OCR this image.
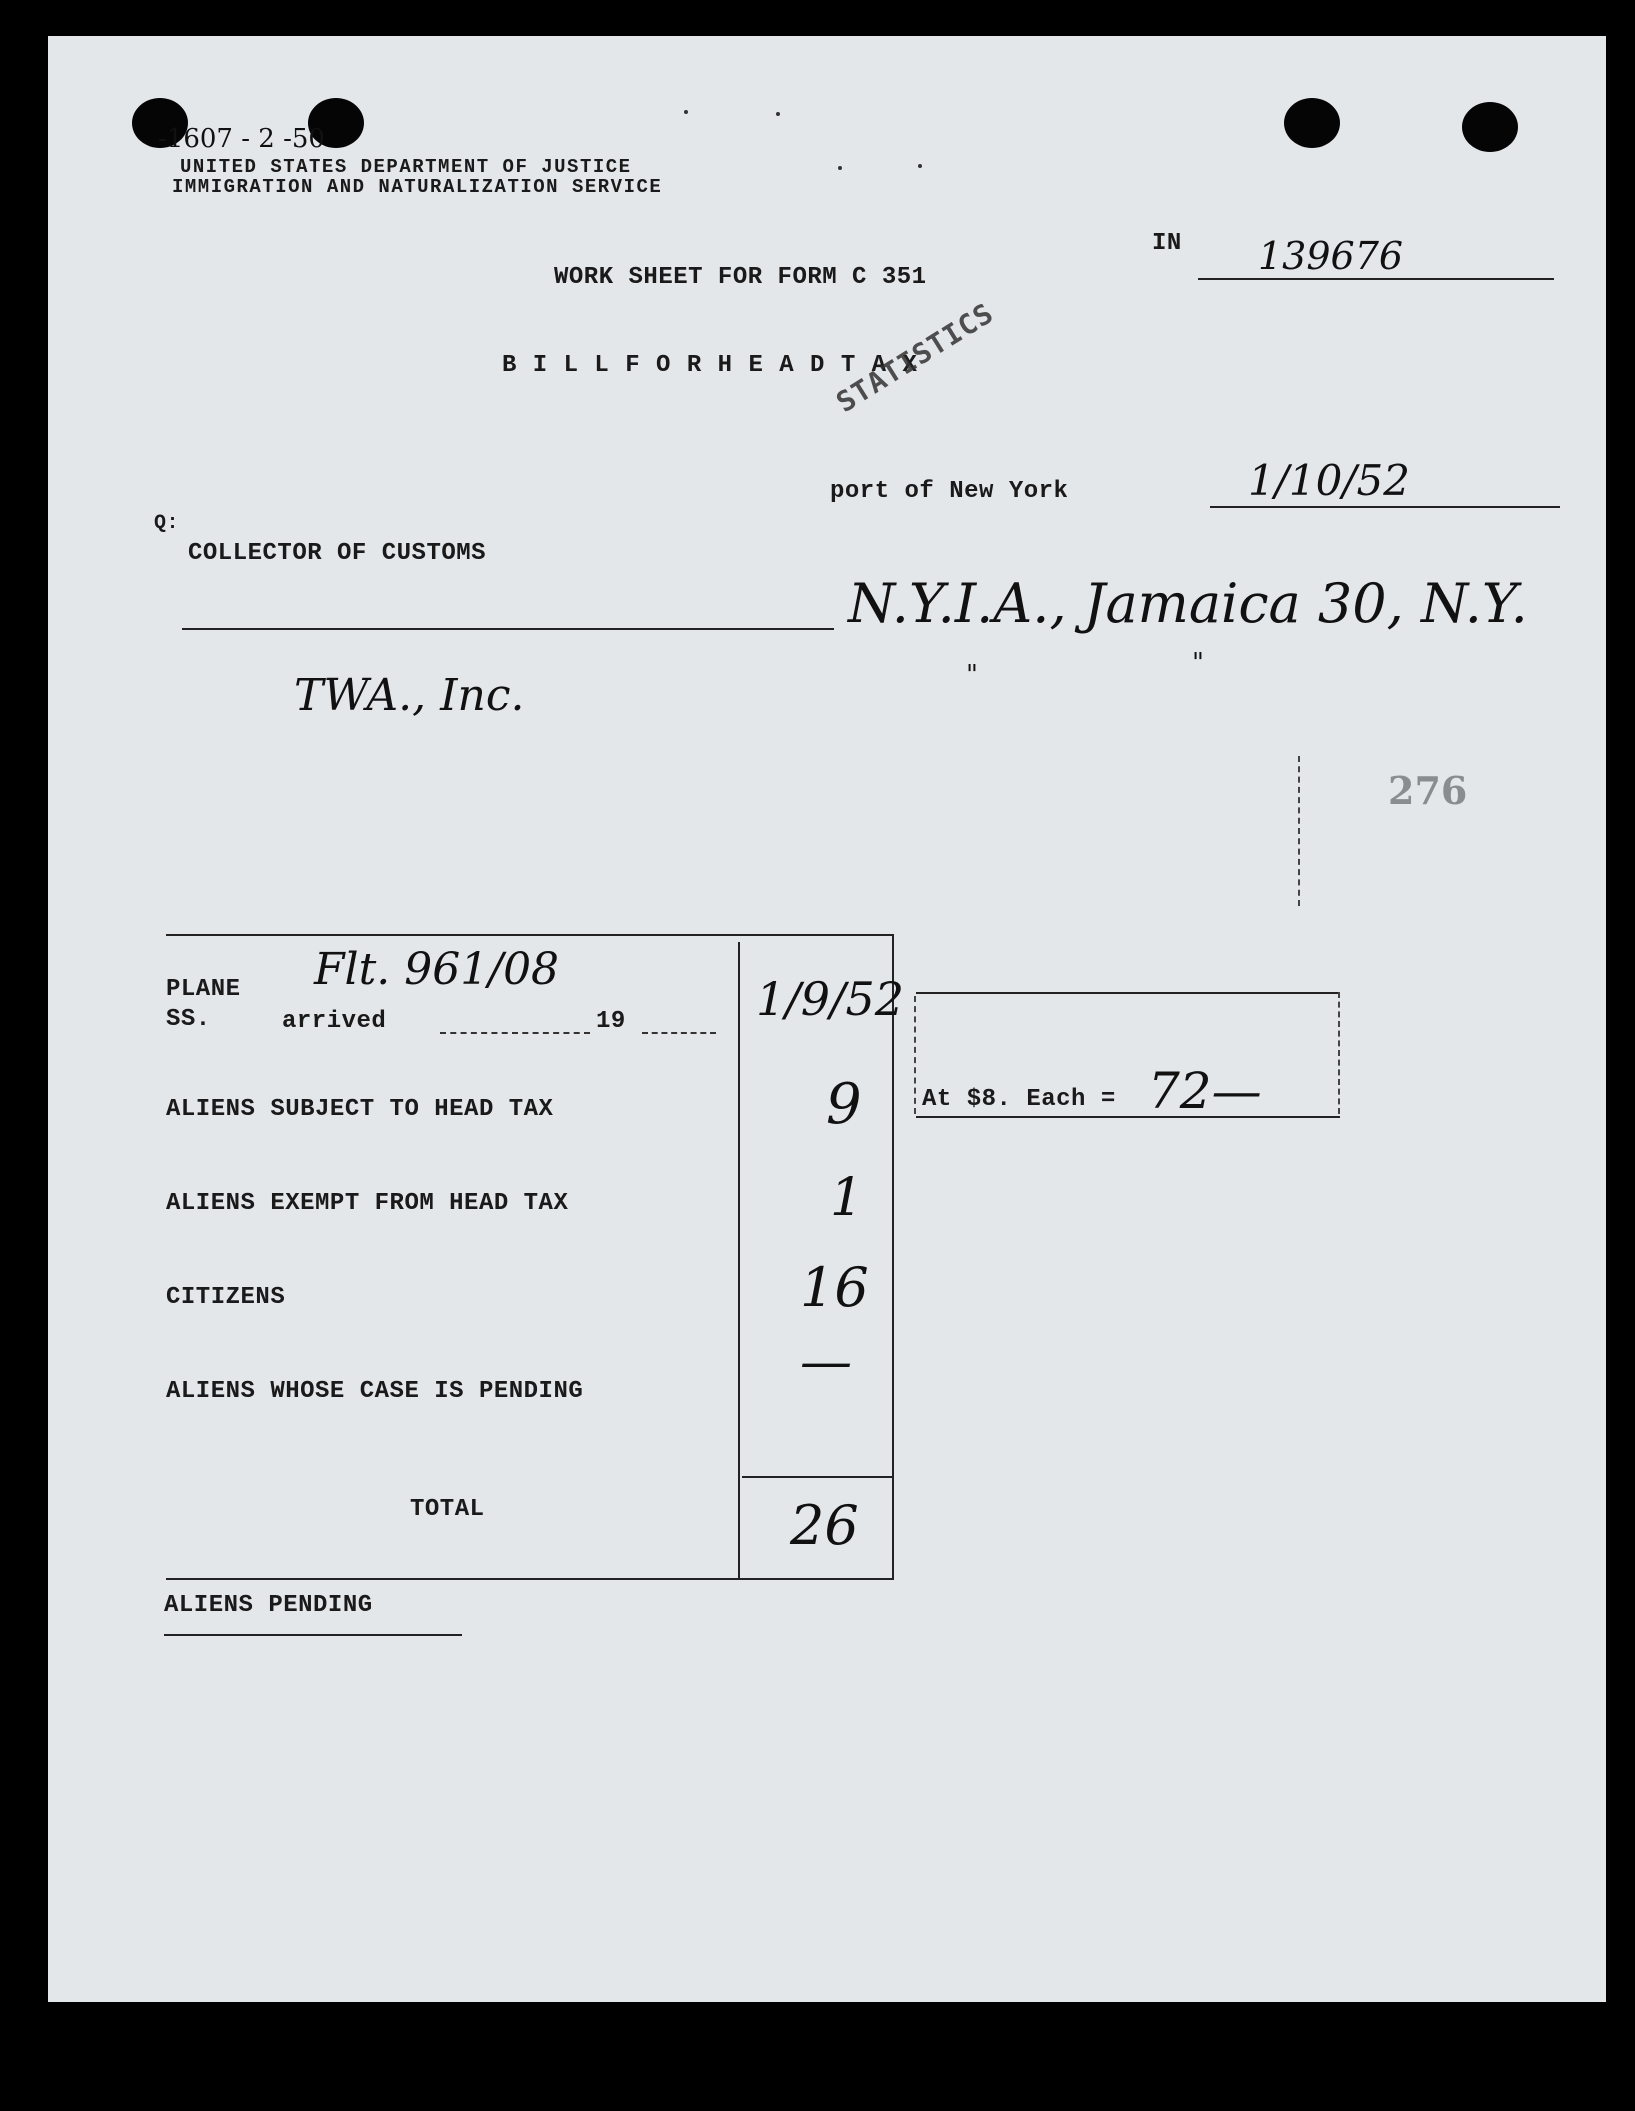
-1607 - 2 -50
UNITED STATES DEPARTMENT OF JUSTICE
IMMIGRATION AND NATURALIZATION SERVICE
IN 139676
WORK SHEET FOR FORM C 351
B I L L F O R H E A D T A X
STATISTICS
port of New York	1/10/52
Q:
COLLECTOR OF CUSTOMS
N.Y.I.A., Jamaica 30, N.Y.
"	"
TWA., Inc.
276
PLANE
SS.	arrived
Flt. 961/08
19	1/9/52
ALIENS SUBJECT TO HEAD TAX	9
ALIENS EXEMPT FROM HEAD TAX	1
CITIZENS	16
ALIENS WHOSE CASE IS PENDING	—
TOTAL	26
At $8. Each = 72—
ALIENS PENDING
